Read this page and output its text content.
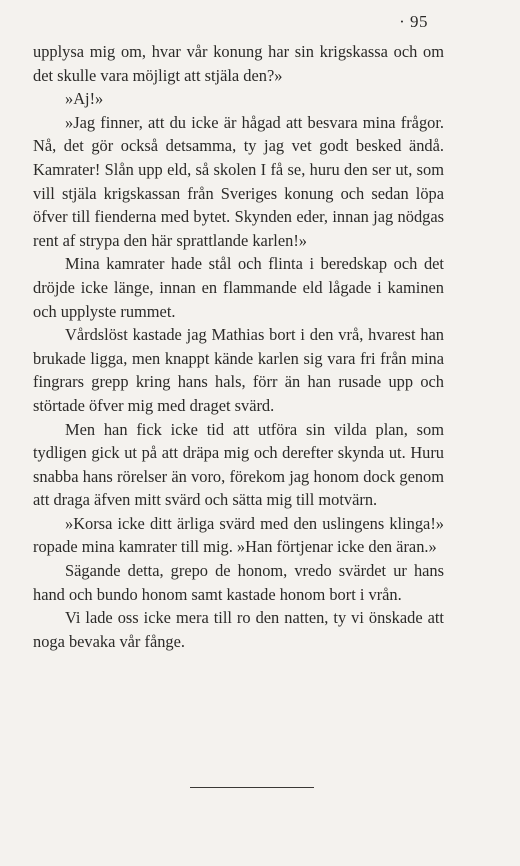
· 95

upplysa mig om, hvar vår konung har sin krigskassa och om det skulle vara möjligt att stjäla den?»

»Aj!»

»Jag finner, att du icke är hågad att besvara mina frågor. Nå, det gör också detsamma, ty jag vet godt besked ändå. Kamrater! Slån upp eld, så skolen I få se, huru den ser ut, som vill stjäla krigskassan från Sveriges konung och sedan löpa öfver till fienderna med bytet. Skynden eder, innan jag nödgas rent af strypa den här sprattlande karlen!»

Mina kamrater hade stål och flinta i beredskap och det dröjde icke länge, innan en flammande eld lågade i kaminen och upplyste rummet.

Vårdslöst kastade jag Mathias bort i den vrå, hvarest han brukade ligga, men knappt kände karlen sig vara fri från mina fingrars grepp kring hans hals, förr än han rusade upp och störtade öfver mig med draget svärd.

Men han fick icke tid att utföra sin vilda plan, som tydligen gick ut på att dräpa mig och derefter skynda ut. Huru snabba hans rörelser än voro, förekom jag honom dock genom att draga äfven mitt svärd och sätta mig till motvärn.

»Korsa icke ditt ärliga svärd med den uslingens klinga!» ropade mina kamrater till mig. »Han förtjenar icke den äran.»

Sägande detta, grepo de honom, vredo svärdet ur hans hand och bundo honom samt kastade honom bort i vrån.

Vi lade oss icke mera till ro den natten, ty vi önskade att noga bevaka vår fånge.
